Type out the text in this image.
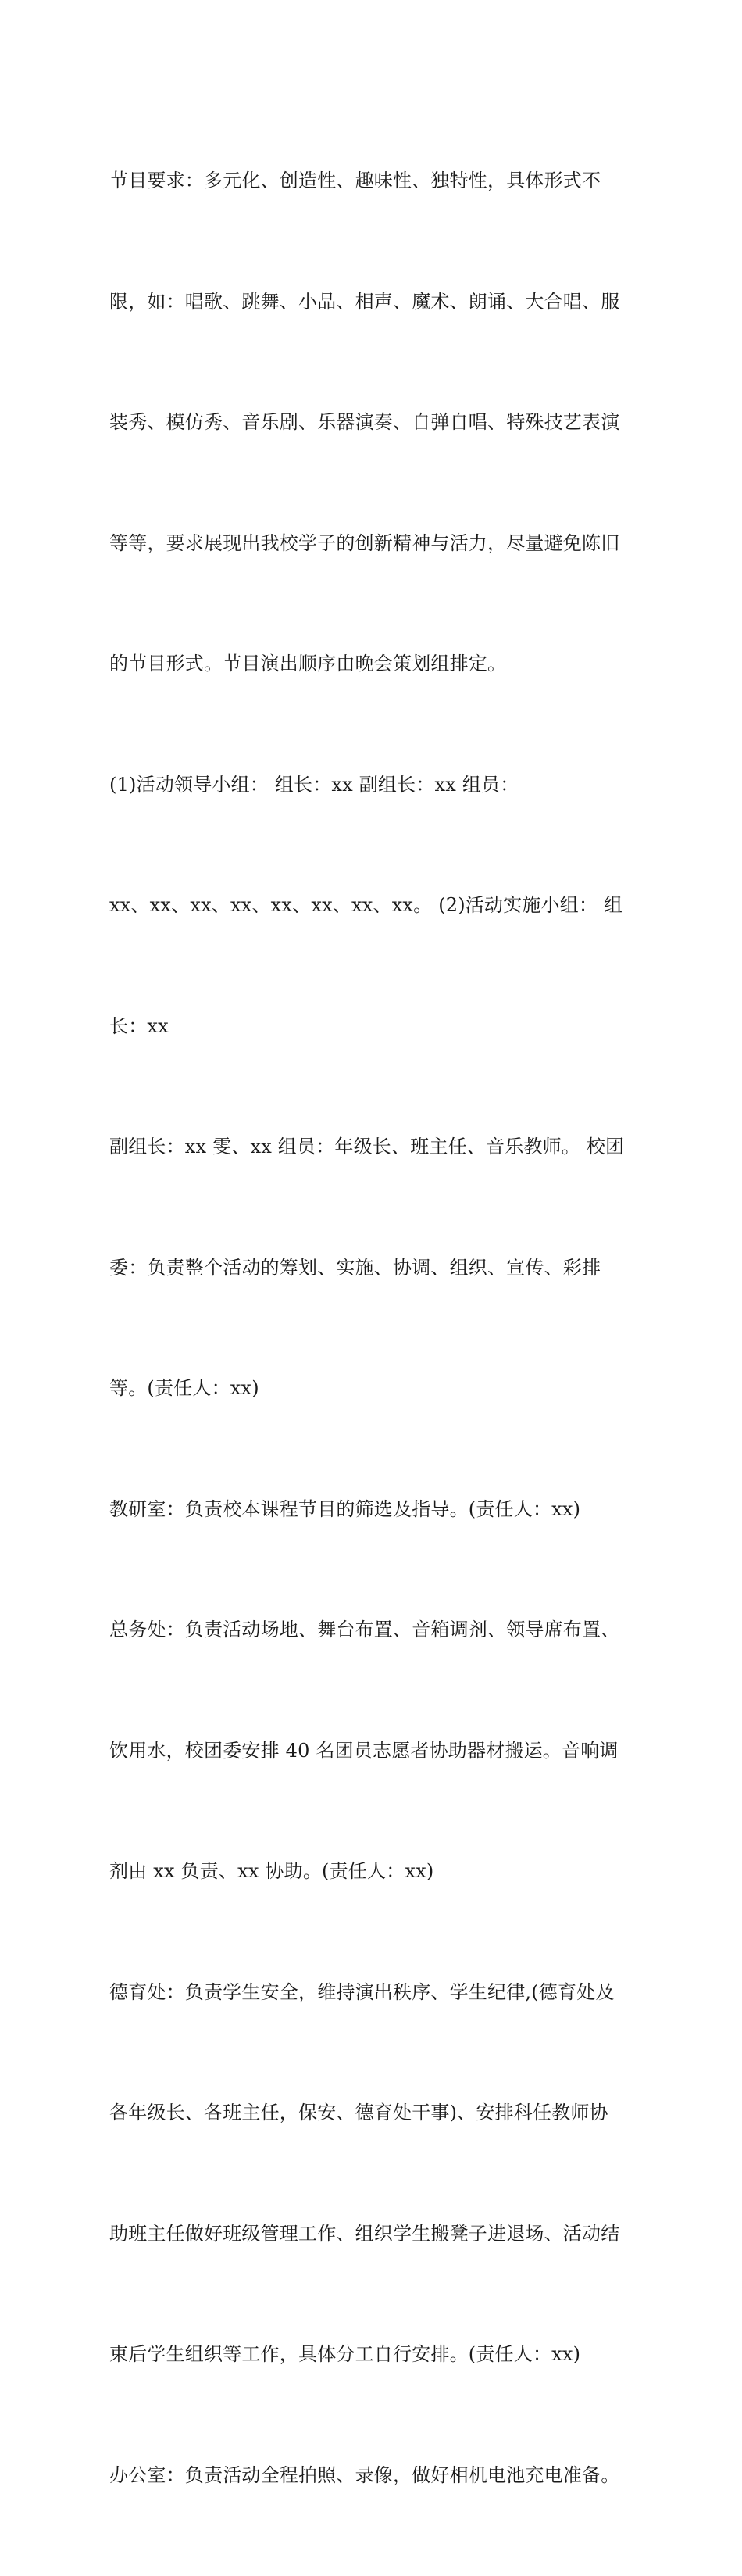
节目要求：多元化、创造性、趣味性、独特性，具体形式不

限，如：唱歌、跳舞、小品、相声、魔术、朗诵、大合唱、服

装秀、模仿秀、音乐剧、乐器演奏、自弹自唱、特殊技艺表演

等等，要求展现出我校学子的创新精神与活力，尽量避免陈旧

的节目形式。节目演出顺序由晚会策划组排定。

(1)活动领导小组： 组长：xx 副组长：xx 组员：

xx、xx、xx、xx、xx、xx、xx、xx。 (2)活动实施小组： 组

长：xx

副组长：xx 雯、xx 组员：年级长、班主任、音乐教师。 校团

委：负责整个活动的筹划、实施、协调、组织、宣传、彩排

等。(责任人：xx)

教研室：负责校本课程节目的筛选及指导。(责任人：xx)

总务处：负责活动场地、舞台布置、音箱调剂、领导席布置、

饮用水，校团委安排 40 名团员志愿者协助器材搬运。音响调

剂由 xx 负责、xx 协助。(责任人：xx)

德育处：负责学生安全，维持演出秩序、学生纪律,(德育处及

各年级长、各班主任，保安、德育处干事)、安排科任教师协

助班主任做好班级管理工作、组织学生搬凳子进退场、活动结

束后学生组织等工作，具体分工自行安排。(责任人：xx)

办公室：负责活动全程拍照、录像，做好相机电池充电准备。
